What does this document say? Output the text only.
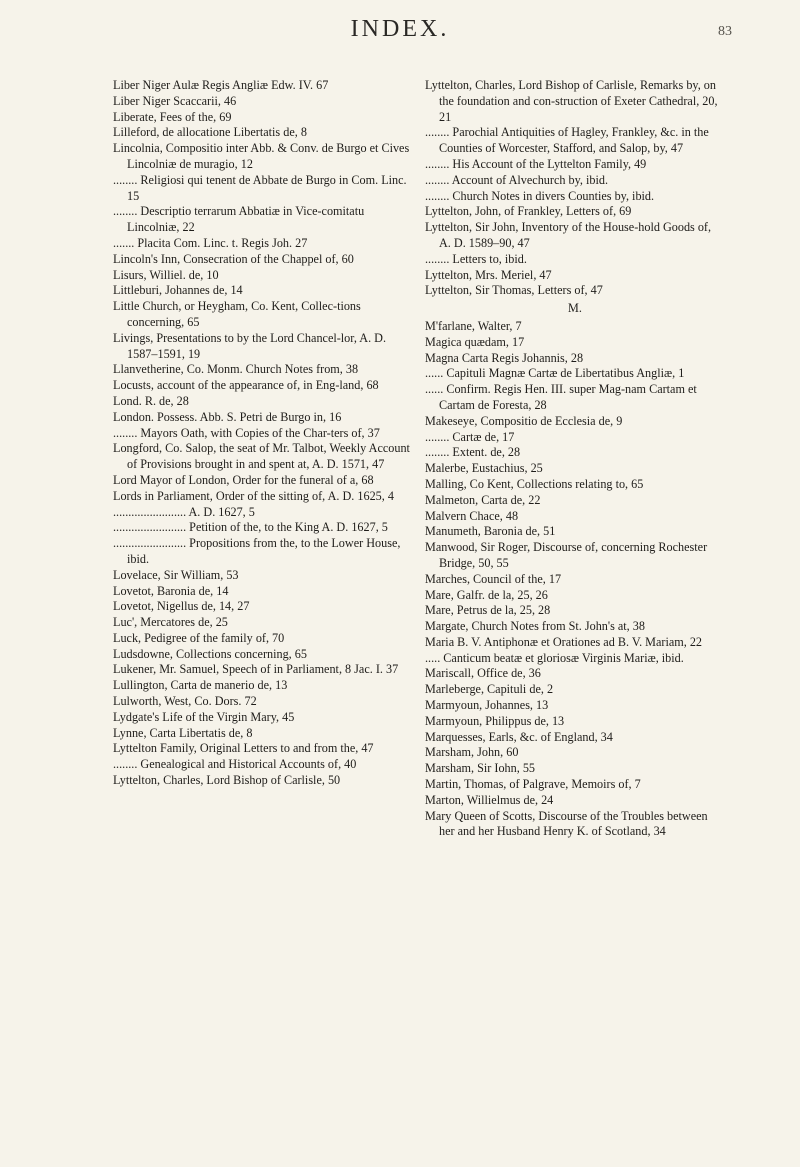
INDEX.	83
Liber Niger Aulæ Regis Angliæ Edw. IV. 67
Liber Niger Scaccarii, 46
Liberate, Fees of the, 69
Lilleford, de allocatione Libertatis de, 8
Lincolnia, Compositio inter Abb. & Conv. de Burgo et Cives Lincolniæ de muragio, 12
........ Religiosi qui tenent de Abbate de Burgo in Com. Linc. 15
........ Descriptio terrarum Abbatiæ in Vice-comitatu Lincolniæ, 22
....... Placita Com. Linc. t. Regis Joh. 27
Lincoln's Inn, Consecration of the Chappel of, 60
Lisurs, Williel. de, 10
Littleburi, Johannes de, 14
Little Church, or Heygham, Co. Kent, Collec-tions concerning, 65
Livings, Presentations to by the Lord Chancel-lor, A. D. 1587–1591, 19
Llanvetherine, Co. Monm. Church Notes from, 38
Locusts, account of the appearance of, in Eng-land, 68
Lond. R. de, 28
London. Possess. Abb. S. Petri de Burgo in, 16
........ Mayors Oath, with Copies of the Char-ters of, 37
Longford, Co. Salop, the seat of Mr. Talbot, Weekly Account of Provisions brought in and spent at, A. D. 1571, 47
Lord Mayor of London, Order for the funeral of a, 68
Lords in Parliament, Order of the sitting of, A. D. 1625, 4
........................ A. D. 1627, 5
........................ Petition of the, to the King A. D. 1627, 5
........................ Propositions from the, to the Lower House, ibid.
Lovelace, Sir William, 53
Lovetot, Baronia de, 14
Lovetot, Nigellus de, 14, 27
Luc', Mercatores de, 25
Luck, Pedigree of the family of, 70
Ludsdowne, Collections concerning, 65
Lukener, Mr. Samuel, Speech of in Parliament, 8 Jac. I. 37
Lullington, Carta de manerio de, 13
Lulworth, West, Co. Dors. 72
Lydgate's Life of the Virgin Mary, 45
Lynne, Carta Libertatis de, 8
Lyttelton Family, Original Letters to and from the, 47
........ Genealogical and Historical Accounts of, 40
Lyttelton, Charles, Lord Bishop of Carlisle, 50
Lyttelton, Charles, Lord Bishop of Carlisle, Remarks by, on the foundation and con-struction of Exeter Cathedral, 20, 21
........ Parochial Antiquities of Hagley, Frankley, &c. in the Counties of Worcester, Stafford, and Salop, by, 47
........ His Account of the Lyttelton Family, 49
........ Account of Alvechurch by, ibid.
........ Church Notes in divers Counties by, ibid.
Lyttelton, John, of Frankley, Letters of, 69
Lyttelton, Sir John, Inventory of the House-hold Goods of, A. D. 1589–90, 47
........ Letters to, ibid.
Lyttelton, Mrs. Meriel, 47
Lyttelton, Sir Thomas, Letters of, 47
M.
M'farlane, Walter, 7
Magica quædam, 17
Magna Carta Regis Johannis, 28
...... Capituli Magnæ Cartæ de Libertatibus Angliæ, 1
...... Confirm. Regis Hen. III. super Mag-nam Cartam et Cartam de Foresta, 28
Makeseye, Compositio de Ecclesia de, 9
........ Cartæ de, 17
........ Extent. de, 28
Malerbe, Eustachius, 25
Malling, Co Kent, Collections relating to, 65
Malmeton, Carta de, 22
Malvern Chace, 48
Manumeth, Baronia de, 51
Manwood, Sir Roger, Discourse of, concerning Rochester Bridge, 50, 55
Marches, Council of the, 17
Mare, Galfr. de la, 25, 26
Mare, Petrus de la, 25, 28
Margate, Church Notes from St. John's at, 38
Maria B. V. Antiphonæ et Orationes ad B. V. Mariam, 22
..... Canticum beatæ et gloriosæ Virginis Mariæ, ibid.
Mariscall, Office de, 36
Marleberge, Capituli de, 2
Marmyoun, Johannes, 13
Marmyoun, Philippus de, 13
Marquesses, Earls, &c. of England, 34
Marsham, John, 60
Marsham, Sir Iohn, 55
Martin, Thomas, of Palgrave, Memoirs of, 7
Marton, Willielmus de, 24
Mary Queen of Scotts, Discourse of the Troubles between her and her Husband Henry K. of Scotland, 34
